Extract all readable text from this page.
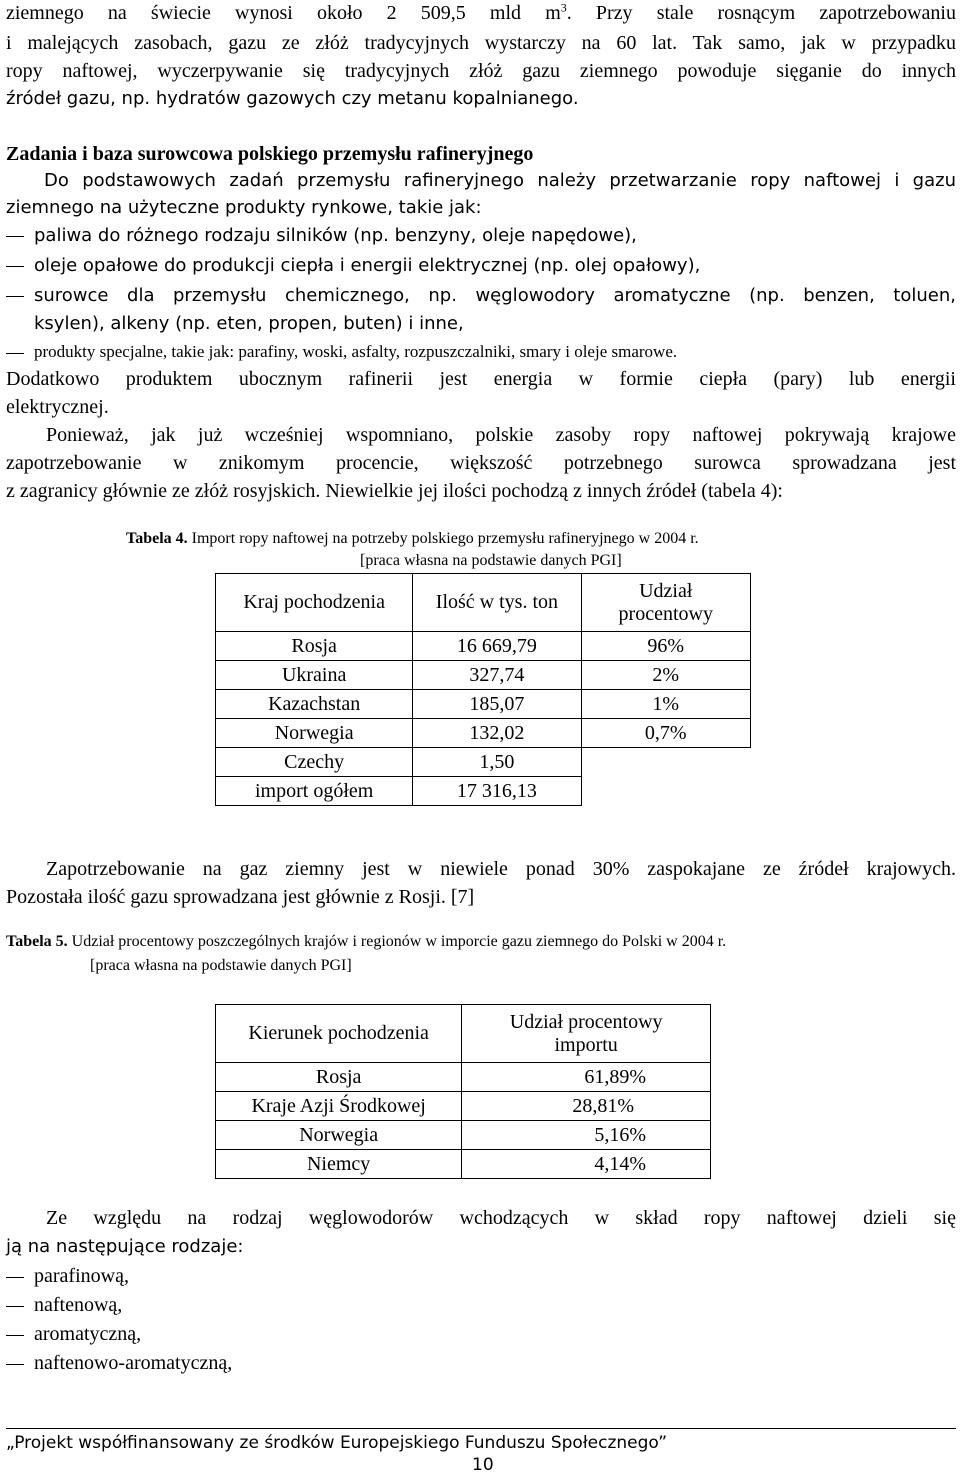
ziemnego na świecie wynosi około 2 509,5 mld $m^3$. Przy stale rosnącym zapotrzebowaniu
i malejących zasobach, gazu ze złóż tradycyjnych wystarczy na 60 lat. Tak samo, jak w przypadku
ropy naftowej, wyczerpywanie się tradycyjnych złóż gazu ziemnego powoduje sięganie do innych
źródeł gazu, np. hydratów gazowych czy metanu kopalnianego.
Zadania i baza surowcowa polskiego przemysłu rafineryjnego
Do podstawowych zadań przemysłu rafineryjnego należy przetwarzanie ropy naftowej i gazu
ziemnego na użyteczne produkty rynkowe, takie jak:
paliwa do różnego rodzaju silników (np. benzyny, oleje napędowe),
oleje opałowe do produkcji ciepła i energii elektrycznej (np. olej opałowy),
surowce dla przemysłu chemicznego, np. węglowodory aromatyczne (np. benzen, toluen,
ksylen), alkeny (np. eten, propen, buten) i inne,
produkty specjalne, takie jak: parafiny, woski, asfalty, rozpuszczalniki, smary i oleje smarowe.
Dodatkowo produktem ubocznym rafinerii jest energia w formie ciepła (pary) lub energii
elektrycznej.
Ponieważ, jak już wcześniej wspomniano, polskie zasoby ropy naftowej pokrywają krajowe
zapotrzebowanie w znikomym procencie, większość potrzebnego surowca sprowadzana jest
z zagranicy głównie ze złóż rosyjskich. Niewielkie jej ilości pochodzą z innych źródeł (tabela 4):
Tabela 4. Import ropy naftowej na potrzeby polskiego przemysłu rafineryjnego w 2004 r.
[praca własna na podstawie danych PGI]
Kraj pochodzenia	Ilość w tys. ton	Udział
procentowy

Rosja	16 669,79	96%
Ukraina	327,74	2%
Kazachstan	185,07	1%
Norwegia	132,02	0,7%
Czechy	1,50	
import ogółem	17 316,13	
Zapotrzebowanie na gaz ziemny jest w niewiele ponad 30% zaspokajane ze źródeł krajowych.
Pozostała ilość gazu sprowadzana jest głównie z Rosji. [7]
Tabela 5. Udział procentowy poszczególnych krajów i regionów w imporcie gazu ziemnego do Polski w 2004 r.
[praca własna na podstawie danych PGI]
Kierunek pochodzenia	Udział procentowy
importu

Rosja	61,89%
Kraje Azji Środkowej	28,81%
Norwegia	5,16%
Niemcy	4,14%
Ze względu na rodzaj węglowodorów wchodzących w skład ropy naftowej dzieli się
ją na następujące rodzaje:
parafinową,
naftenową,
aromatyczną,
naftenowo-aromatyczną,
„Projekt współfinansowany ze środków Europejskiego Funduszu Społecznego”
10
